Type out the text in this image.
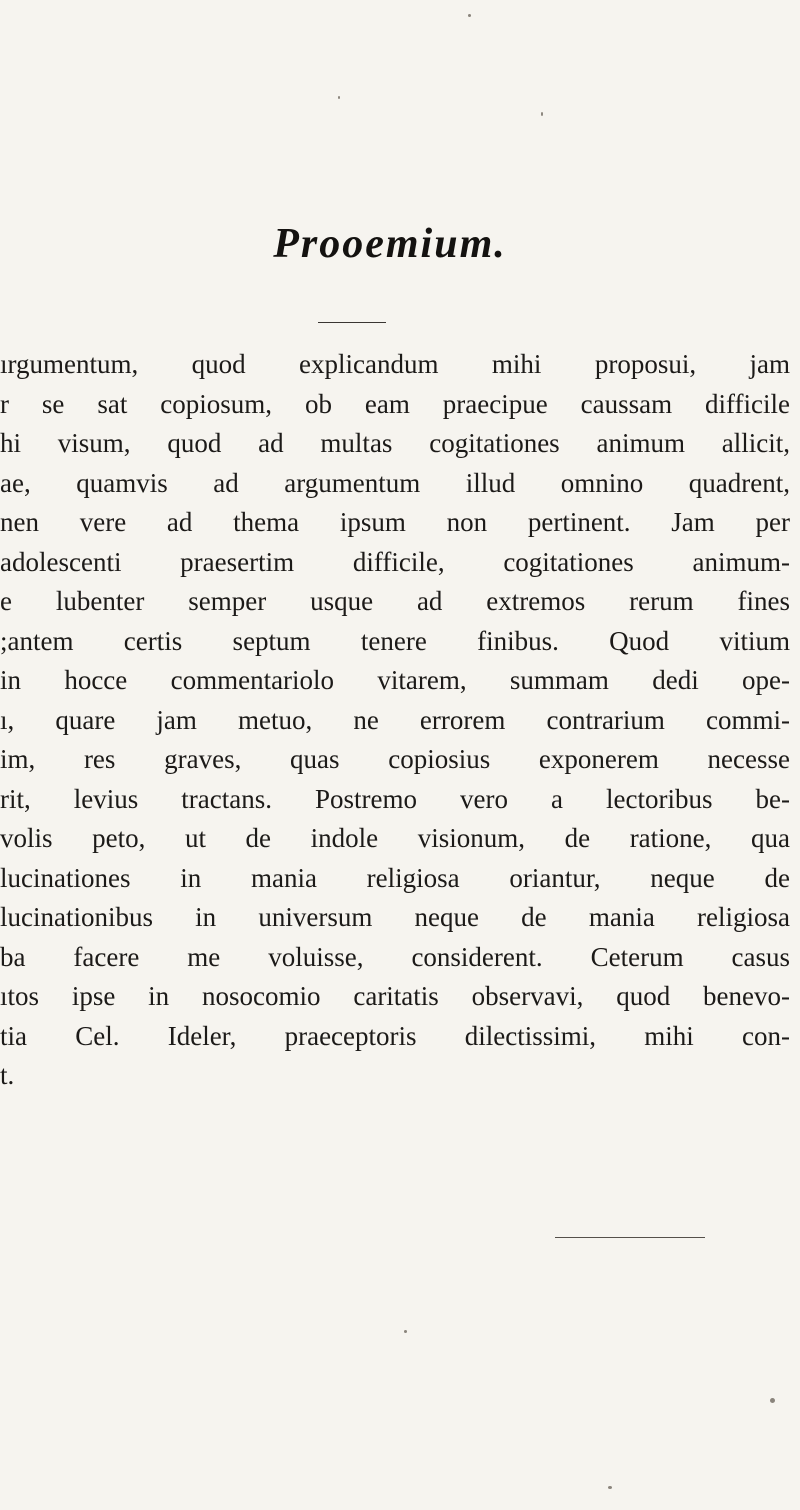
Prooemium.
ırgumentum, quod explicandum mihi proposui, jam
r se sat copiosum, ob eam praecipue caussam difficile
hi visum, quod ad multas cogitationes animum allicit,
ae, quamvis ad argumentum illud omnino quadrent,
nen vere ad thema ipsum non pertinent. Jam per
adolescenti praesertim difficile, cogitationes animum-
e lubenter semper usque ad extremos rerum fines
;antem certis septum tenere finibus. Quod vitium
in hocce commentariolo vitarem, summam dedi ope-
ı, quare jam metuo, ne errorem contrarium commi-
im, res graves, quas copiosius exponerem necesse
rit, levius tractans. Postremo vero a lectoribus be-
volis peto, ut de indole visionum, de ratione, qua
lucinationes in mania religiosa oriantur, neque de
lucinationibus in universum neque de mania religiosa
ba facere me voluisse, considerent. Ceterum casus
ıtos ipse in nosocomio caritatis observavi, quod benevo-
tia Cel. Ideler, praeceptoris dilectissimi, mihi con-
t.
